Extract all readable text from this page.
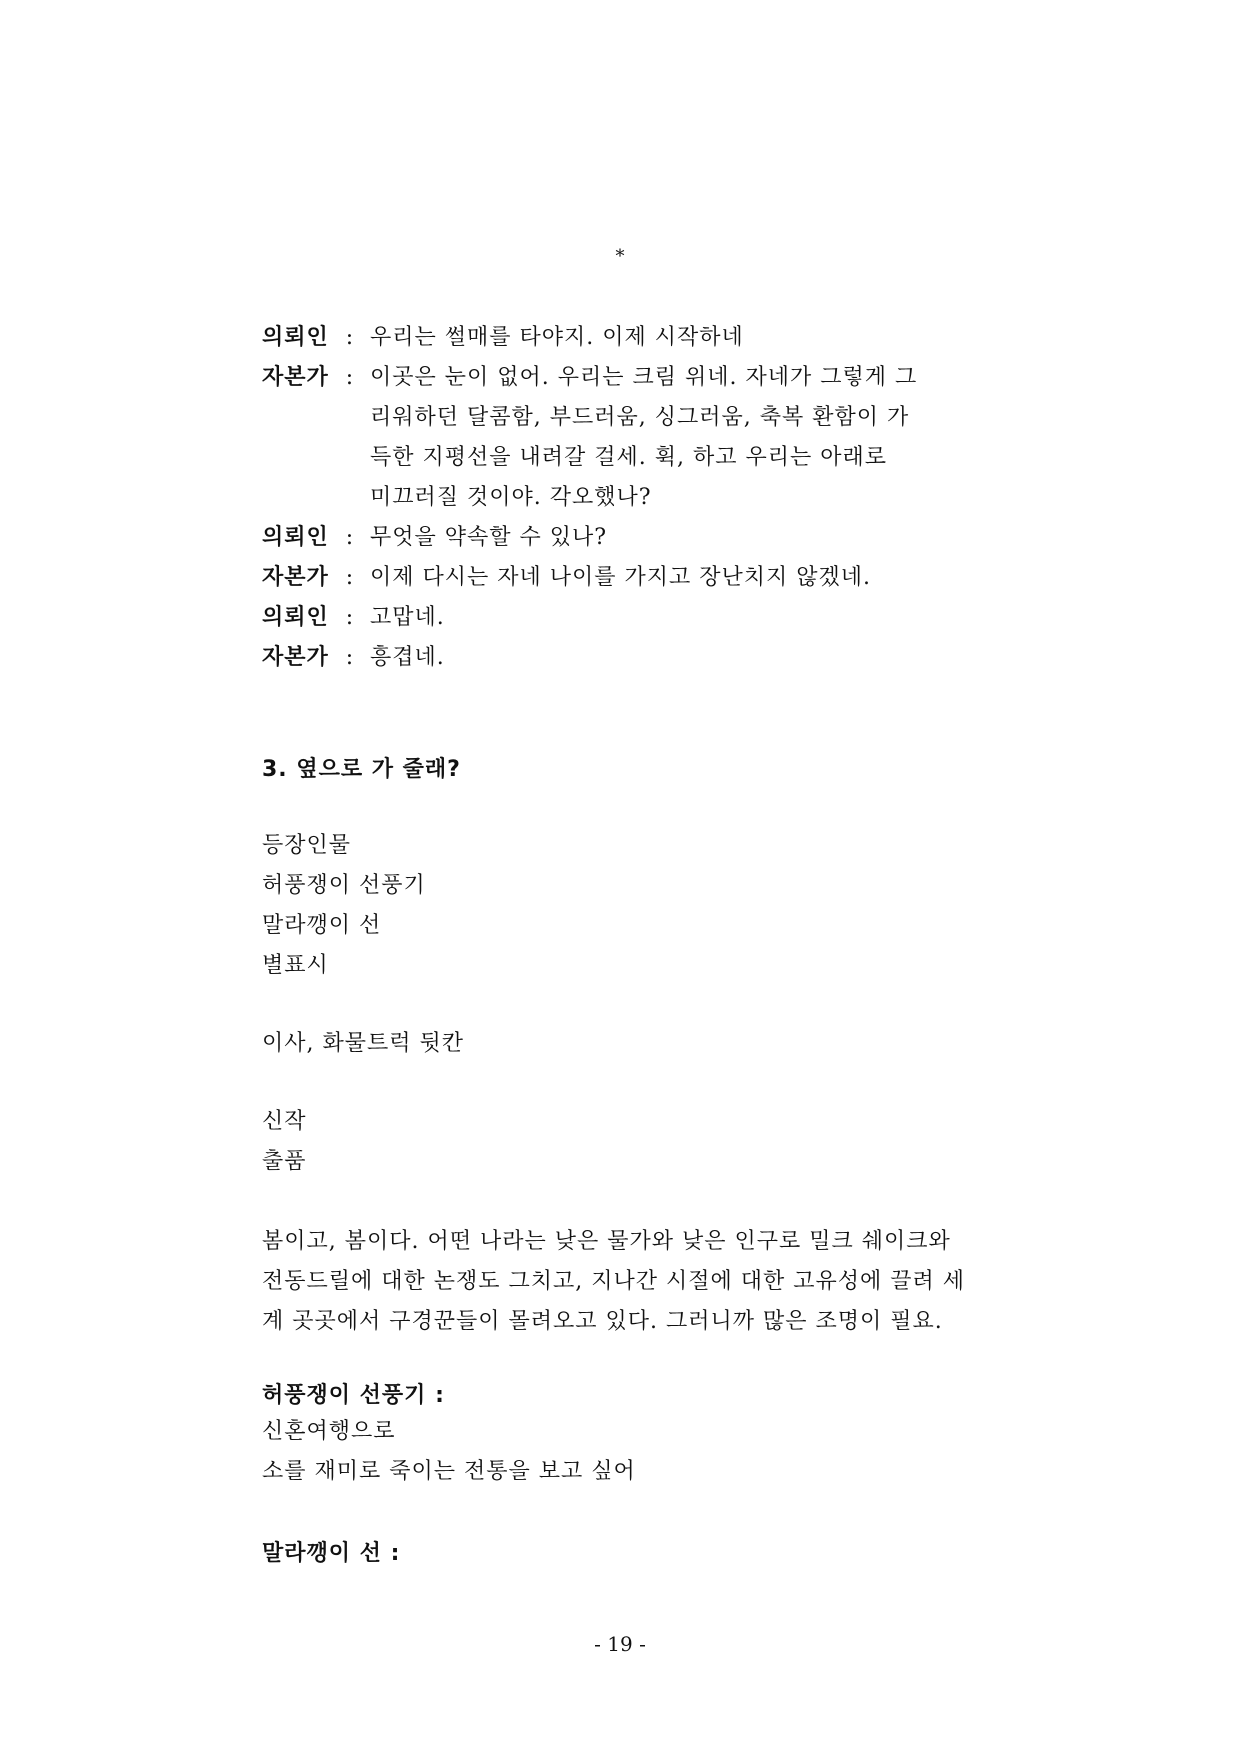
*
의뢰인 : 우리는 썰매를 타야지. 이제 시작하네
자본가 : 이곳은 눈이 없어. 우리는 크림 위네. 자네가 그렇게 그
리워하던 달콤함, 부드러움, 싱그러움, 축복 환함이 가
득한 지평선을 내려갈 걸세. 휙, 하고 우리는 아래로
미끄러질 것이야. 각오했나?
의뢰인 : 무엇을 약속할 수 있나?
자본가 : 이제 다시는 자네 나이를 가지고 장난치지 않겠네.
의뢰인 : 고맙네.
자본가 : 흥겹네.
3. 옆으로 가 줄래?
등장인물
허풍쟁이 선풍기
말라깽이 선
별표시
이사, 화물트럭 뒷칸
신작
출품
봄이고, 봄이다. 어떤 나라는 낮은 물가와 낮은 인구로 밀크 쉐이크와
전동드릴에 대한 논쟁도 그치고, 지나간 시절에 대한 고유성에 끌려 세
계 곳곳에서 구경꾼들이 몰려오고 있다. 그러니까 많은 조명이 필요.
허풍쟁이 선풍기 :
신혼여행으로
소를 재미로 죽이는 전통을 보고 싶어
말라깽이 선 :
- 19 -
